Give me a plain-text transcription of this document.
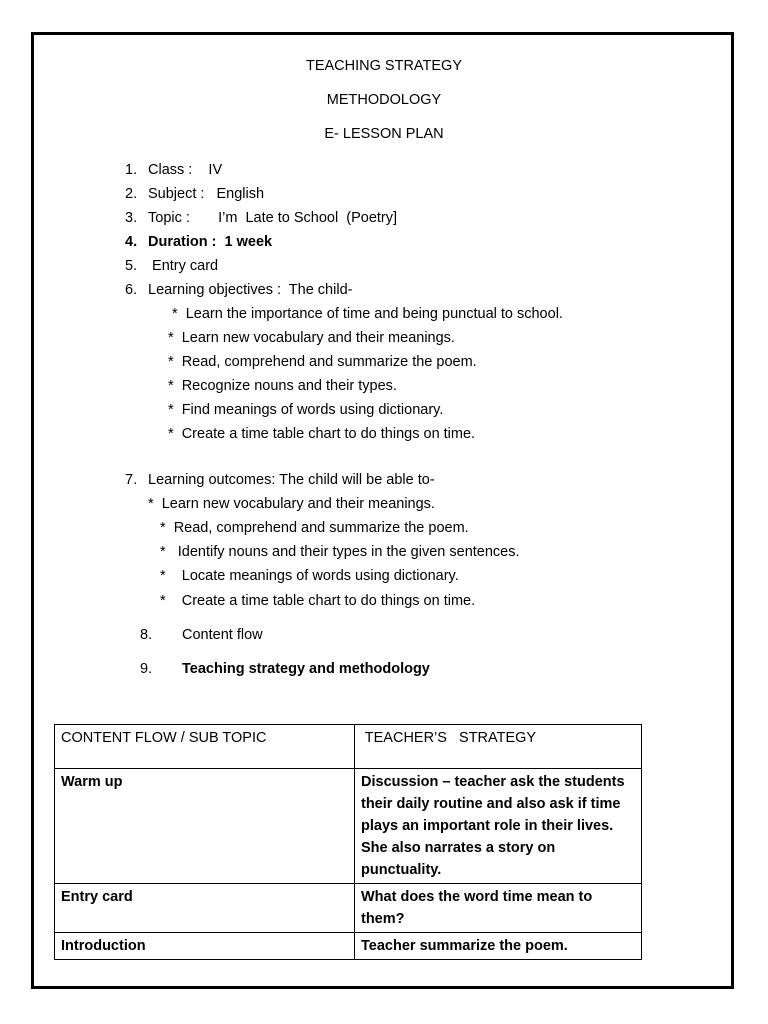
TEACHING STRATEGY
METHODOLOGY
E- LESSON PLAN
1. Class :    IV
2. Subject :   English
3. Topic :       I’m  Late to School  (Poetry]
4. Duration :  1 week
5. Entry card
6. Learning objectives :  The child-
*  Learn the importance of time and being punctual to school.
*  Learn new vocabulary and their meanings.
*  Read, comprehend and summarize the poem.
*  Recognize nouns and their types.
*  Find meanings of words using dictionary.
*  Create a time table chart to do things on time.
7. Learning outcomes: The child will be able to-
*  Learn new vocabulary and their meanings.
*  Read, comprehend and summarize the poem.
*   Identify nouns and their types in the given sentences.
*    Locate meanings of words using dictionary.
*    Create a time table chart to do things on time.
8. Content flow
9. Teaching strategy and methodology
CONTENT FLOW / SUB TOPIC	TEACHER’S   STRATEGY
Warm up	Discussion – teacher ask the students their daily routine and also ask if time plays an important role in their lives. She also narrates a story on punctuality.
Entry card	What does the word time mean to them?
Introduction	Teacher summarize the poem.
